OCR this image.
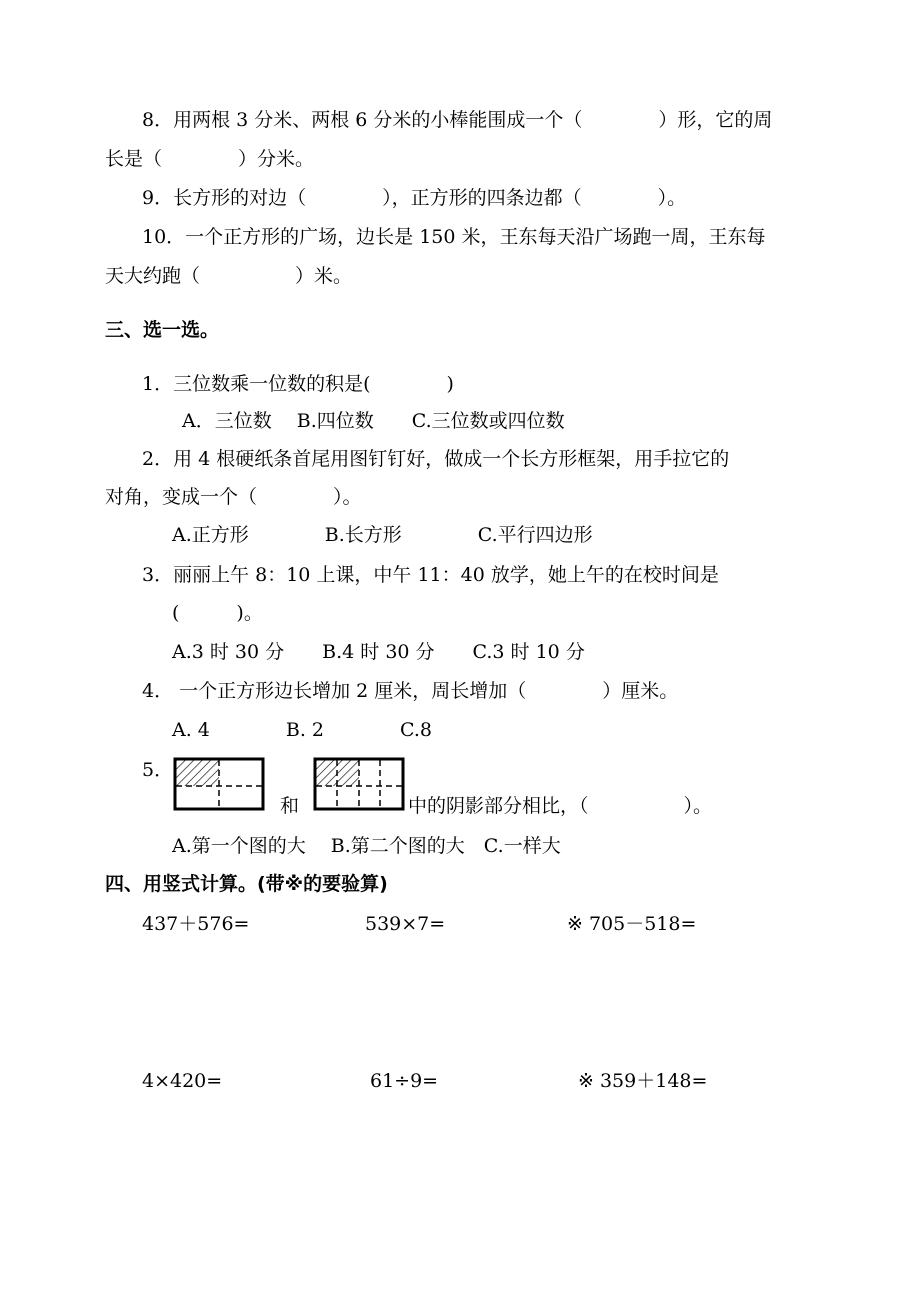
8．用两根 3 分米、两根 6 分米的小棒能围成一个（　　　　）形，它的周
长是（　　　　）分米。
9．长方形的对边（　　　　），正方形的四条边都（　　　　）。
10．一个正方形的广场，边长是 150 米，王东每天沿广场跑一周，王东每
天大约跑（　　　　　）米。
三、选一选。
1．三位数乘一位数的积是(　　　　)
A．三位数　 B.四位数　　C.三位数或四位数
2．用 4 根硬纸条首尾用图钉钉好，做成一个长方形框架，用手拉它的
对角，变成一个（　　　　）。
A.正方形　　　　B.长方形　　　　C.平行四边形
3．丽丽上午 8：10 上课，中午 11：40 放学，她上午的在校时间是
(　　　)。
A.3 时 30 分　　B.4 时 30 分　　C.3 时 10 分
4． 一个正方形边长增加 2 厘米，周长增加（　　　　）厘米。
A. 4　　　　B. 2　　　　C.8
5．
和	中的阴影部分相比，（　　　　　）。
A.第一个图的大　 B.第二个图的大　C.一样大
四、用竖式计算。(带※的要验算)
437＋576=	539×7=	※ 705－518=
4×420=	61÷9=	※ 359＋148=
